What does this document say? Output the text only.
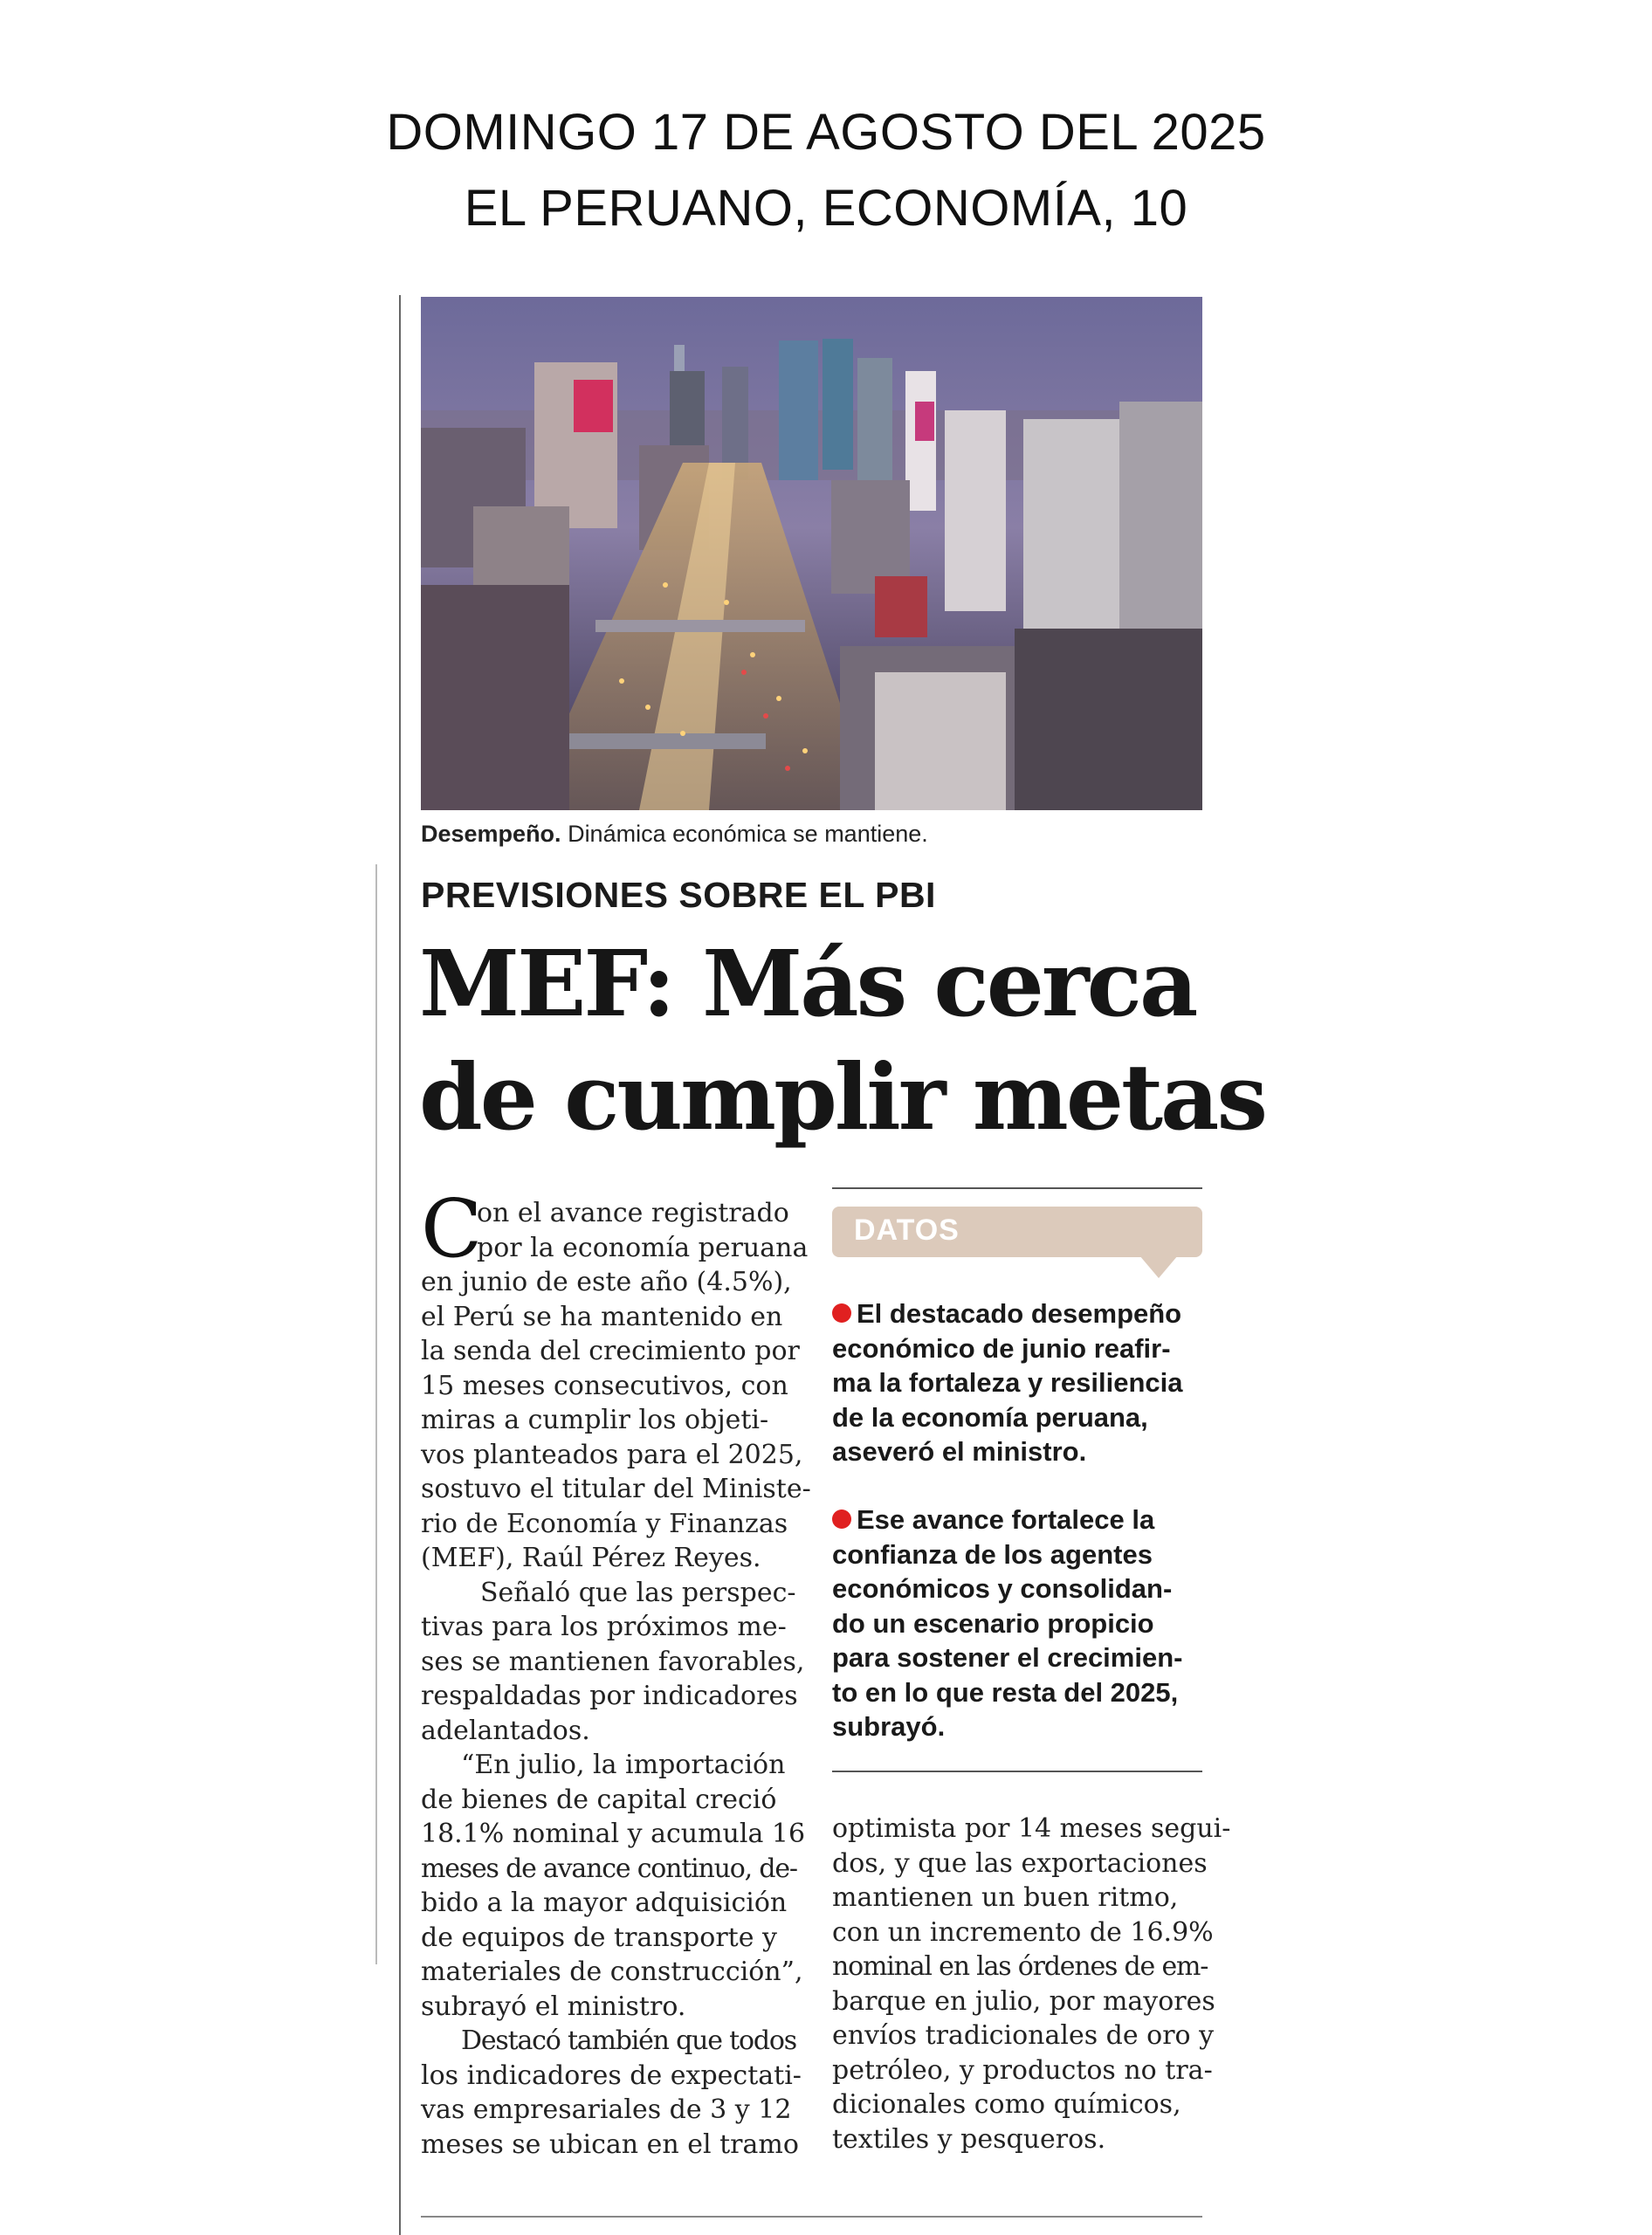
DOMINGO 17 DE AGOSTO DEL 2025
EL PERUANO, ECONOMÍA, 10
Desempeño. Dinámica económica se mantiene.
PREVISIONES SOBRE EL PBI
MEF: Más cerca
de cumplir metas
C
on el avance registrado
por la economía peruana
en junio de este año (4.5%),
el Perú se ha mantenido en
la senda del crecimiento por
15 meses consecutivos, con
miras a cumplir los objeti-
vos planteados para el 2025,
sostuvo el titular del Ministe-
rio de Economía y Finanzas
(MEF), Raúl Pérez Reyes.
Señaló que las perspec-
tivas para los próximos me-
ses se mantienen favorables,
respaldadas por indicadores
adelantados.
“En julio, la importación
de bienes de capital creció
18.1% nominal y acumula 16
meses de avance continuo, de-
bido a la mayor adquisición
de equipos de transporte y
materiales de construcción”,
subrayó el ministro.
Destacó también que todos
los indicadores de expectati-
vas empresariales de 3 y 12
meses se ubican en el tramo
DATOS
El destacado desempeño
económico de junio reafir-
ma la fortaleza y resiliencia
de la economía peruana,
aseveró el ministro.
Ese avance fortalece la
confianza de los agentes
económicos y consolidan-
do un escenario propicio
para sostener el crecimien-
to en lo que resta del 2025,
subrayó.
optimista por 14 meses segui-
dos, y que las exportaciones
mantienen un buen ritmo,
con un incremento de 16.9%
nominal en las órdenes de em-
barque en julio, por mayores
envíos tradicionales de oro y
petróleo, y productos no tra-
dicionales como químicos,
textiles y pesqueros.
